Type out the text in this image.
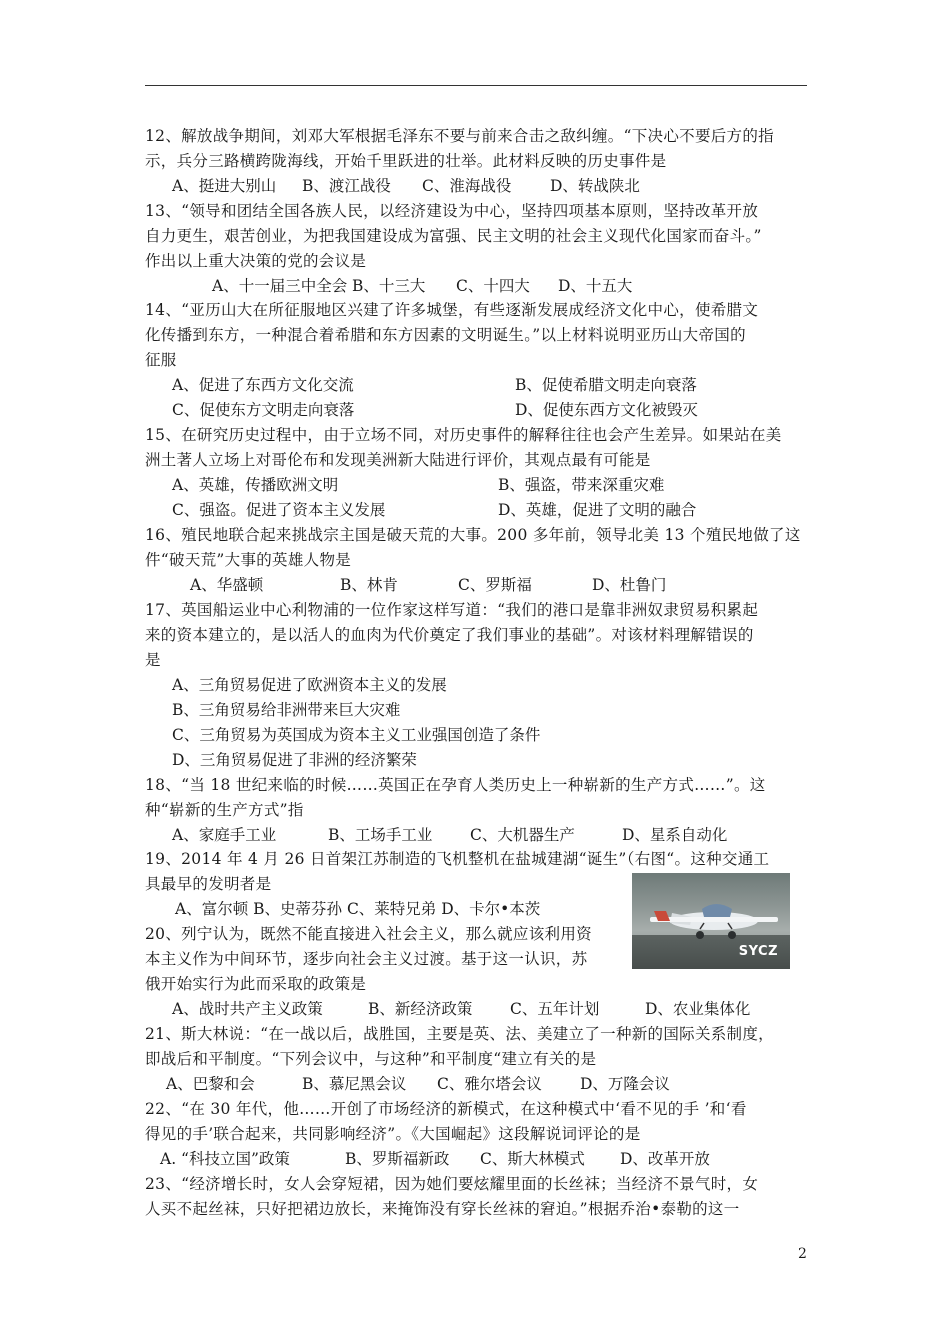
12、解放战争期间，刘邓大军根据毛泽东不要与前来合击之敌纠缠。“下决心不要后方的指
示，兵分三路横跨陇海线，开始千里跃进的壮举。此材料反映的历史事件是
A、挺进大别山 B、渡江战役 C、淮海战役 D、转战陕北
13、“领导和团结全国各族人民，以经济建设为中心，坚持四项基本原则，坚持改革开放
自力更生，艰苦创业，为把我国建设成为富强、民主文明的社会主义现代化国家而奋斗。”
作出以上重大决策的党的会议是
A、十一届三中全会 B、十三大 C、十四大 D、十五大
14、“亚历山大在所征服地区兴建了许多城堡，有些逐渐发展成经济文化中心，使希腊文
化传播到东方，一种混合着希腊和东方因素的文明诞生。”以上材料说明亚历山大帝国的
征服
A、促进了东西方文化交流	B、促使希腊文明走向衰落
C、促使东方文明走向衰落	D、促使东西方文化被毁灭
15、在研究历史过程中，由于立场不同，对历史事件的解释往往也会产生差异。如果站在美
洲土著人立场上对哥伦布和发现美洲新大陆进行评价，其观点最有可能是
A、英雄，传播欧洲文明	B、强盗，带来深重灾难
C、强盗。促进了资本主义发展	D、英雄，促进了文明的融合
16、殖民地联合起来挑战宗主国是破天荒的大事。200 多年前，领导北美 13 个殖民地做了这
件“破天荒”大事的英雄人物是
A、华盛顿	B、林肯	C、罗斯福	D、杜鲁门
17、英国船运业中心利物浦的一位作家这样写道：“我们的港口是靠非洲奴隶贸易积累起
来的资本建立的，是以活人的血肉为代价奠定了我们事业的基础”。对该材料理解错误的
是
A、三角贸易促进了欧洲资本主义的发展
B、三角贸易给非洲带来巨大灾难
C、三角贸易为英国成为资本主义工业强国创造了条件
D、三角贸易促进了非洲的经济繁荣
18、“当 18 世纪来临的时候……英国正在孕育人类历史上一种崭新的生产方式……”。这
种“崭新的生产方式”指
A、家庭手工业	B、工场手工业 C、大机器生产	D、星系自动化
19、2014 年 4 月 26 日首架江苏制造的飞机整机在盐城建湖“诞生”（右图“。这种交通工
具最早的发明者是
A、富尔顿 B、史蒂芬孙 C、莱特兄弟 D、卡尔•本茨
SYCZ
20、列宁认为，既然不能直接进入社会主义，那么就应该利用资
本主义作为中间环节，逐步向社会主义过渡。基于这一认识，苏
俄开始实行为此而采取的政策是
A、战时共产主义政策	B、新经济政策 C、五年计划	D、农业集体化
21、斯大林说：“在一战以后，战胜国，主要是英、法、美建立了一种新的国际关系制度，
即战后和平制度。“下列会议中，与这种”和平制度“建立有关的是
A、巴黎和会	B、慕尼黑会议 C、雅尔塔会议 D、万隆会议
22、“在 30 年代，他……开创了市场经济的新模式，在这种模式中‘看不见的手 ’和‘看
得见的手’联合起来，共同影响经济”。《大国崛起》这段解说词评论的是
A. “科技立国”政策	B、罗斯福新政 C、斯大林模式 D、改革开放
23、“经济增长时，女人会穿短裙，因为她们要炫耀里面的长丝袜；当经济不景气时，女
人买不起丝袜，只好把裙边放长，来掩饰没有穿长丝袜的窘迫。”根据乔治•泰勒的这一
2
